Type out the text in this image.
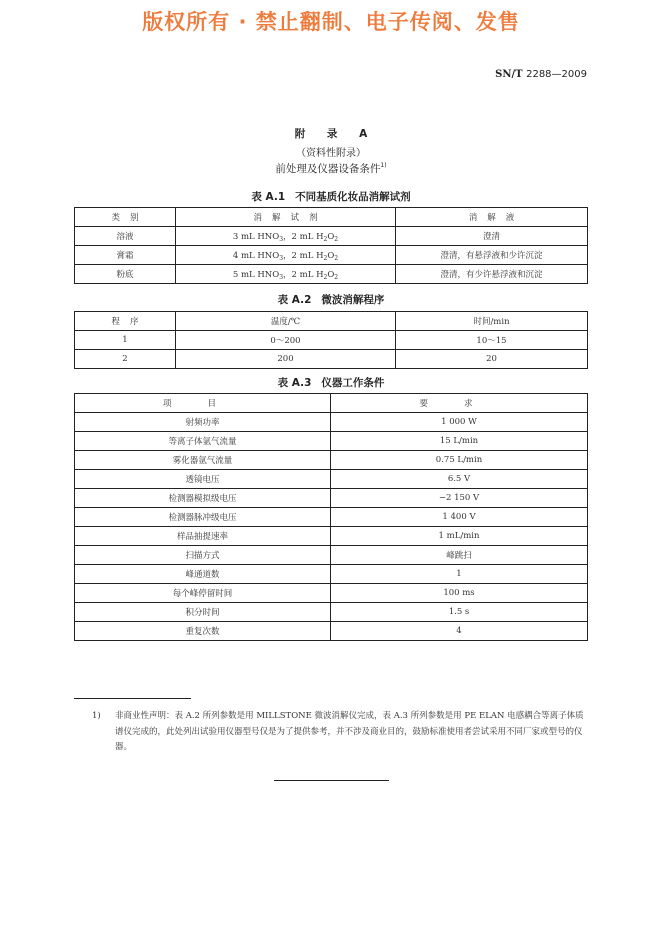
版权所有 · 禁止翻制、电子传阅、发售
SN/T 2288—2009
附 录 A
（资料性附录）
前处理及仪器设备条件$^{1)}$
表 A.1 不同基质化妆品消解试剂
类别	消解试剂	消解液
溶液	3 mL $HNO_3$，2 mL $H_2O_2$	澄清
膏霜	4 mL $HNO_3$，2 mL $H_2O_2$	澄清，有悬浮液和少许沉淀
粉底	5 mL $HNO_3$，2 mL $H_2O_2$	澄清，有少许悬浮液和沉淀
表 A.2 微波消解程序
程序	温度/℃	时间/min
1	0～200	10～15
2	200	20
表 A.3 仪器工作条件
项目	要求
射频功率	1 000 W
等离子体氩气流量	15 L/min
雾化器氩气流量	0.75 L/min
透镜电压	6.5 V
检测器模拟级电压	−2 150 V
检测器脉冲级电压	1 400 V
样品抽提速率	1 mL/min
扫描方式	峰跳扫
峰通道数	1
每个峰停留时间	100 ms
积分时间	1.5 s
重复次数	4
1) 非商业性声明：表 A.2 所列参数是用 MILLSTONE 微波消解仪完成，表 A.3 所列参数是用 PE ELAN 电感耦合等离子体质谱仪完成的，此处列出试验用仪器型号仅是为了提供参考，并不涉及商业目的，鼓励标准使用者尝试采用不同厂家或型号的仪器。
